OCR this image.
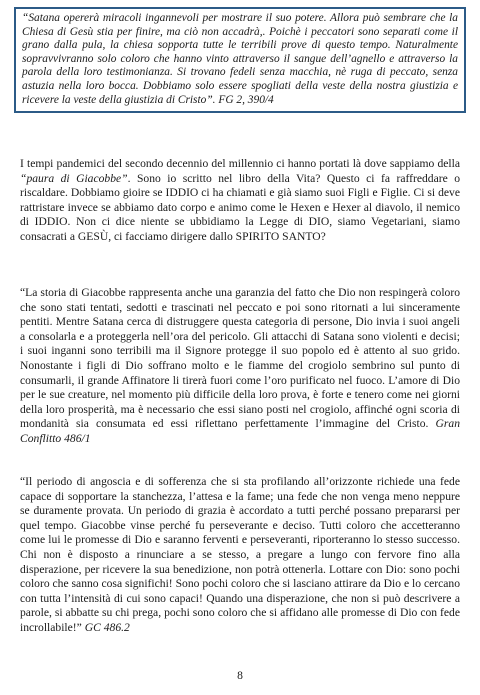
“Satana opererà miracoli ingannevoli per mostrare il suo potere. Allora può sembrare che la Chiesa di Gesù stia per finire, ma ciò non accadrà,. Poichè i peccatori sono separati come il grano dalla pula, la chiesa sopporta tutte le terribili prove di questo tempo. Naturalmente sopravvivranno solo coloro che hanno vinto attraverso il sangue dell’agnello e attraverso la parola della loro testimonianza. Si trovano fedeli senza macchia, nè ruga di peccato, senza astuzia nella loro bocca. Dobbiamo solo essere spogliati della veste della nostra giustizia e ricevere la veste della giustizia di Cristo”. FG 2, 390/4
I tempi pandemici del secondo decennio del millennio ci hanno portati là dove sappiamo della “paura di Giacobbe”. Sono io scritto nel libro della Vita? Questo ci fa raffreddare o riscaldare. Dobbiamo gioire se IDDIO ci ha chiamati e già siamo suoi Figli e Figlie. Ci si deve rattristare invece se abbiamo dato corpo e animo come le Hexen e Hexer al diavolo, il nemico di IDDIO. Non ci dice niente se ubbidiamo la Legge di DIO, siamo Vegetariani, siamo consacrati a GESÙ, ci facciamo dirigere dallo SPIRITO SANTO?
“La storia di Giacobbe rappresenta anche una garanzia del fatto che Dio non respingerà coloro che sono stati tentati, sedotti e trascinati nel peccato e poi sono ritornati a lui sinceramente pentiti. Mentre Satana cerca di distruggere questa categoria di persone, Dio invia i suoi angeli a consolarla e a proteggerla nell’ora del pericolo. Gli attacchi di Satana sono violenti e decisi; i suoi inganni sono terribili ma il Signore protegge il suo popolo ed è attento al suo grido. Nonostante i figli di Dio soffrano molto e le fiamme del crogiolo sembrino sul punto di consumarli, il grande Affinatore li tirerà fuori come l’oro purificato nel fuoco. L’amore di Dio per le sue creature, nel momento più difficile della loro prova, è forte e tenero come nei giorni della loro prosperità, ma è necessario che essi siano posti nel crogiolo, affinché ogni scoria di mondanità sia consumata ed essi riflettano perfettamente l’immagine del Cristo. Gran Conflitto 486/1
“Il periodo di angoscia e di sofferenza che si sta profilando all’orizzonte richiede una fede capace di sopportare la stanchezza, l’attesa e la fame; una fede che non venga meno neppure se duramente provata. Un periodo di grazia è accordato a tutti perché possano prepararsi per quel tempo. Giacobbe vinse perché fu perseverante e deciso. Tutti coloro che accetteranno come lui le promesse di Dio e saranno ferventi e perseveranti, riporteranno lo stesso successo. Chi non è disposto a rinunciare a se stesso, a pregare a lungo con fervore fino alla disperazione, per ricevere la sua benedizione, non potrà ottenerla. Lottare con Dio: sono pochi coloro che sanno cosa significhi! Sono pochi coloro che si lasciano attirare da Dio e lo cercano con tutta l’intensità di cui sono capaci! Quando una disperazione, che non si può descrivere a parole, si abbatte su chi prega, pochi sono coloro che si affidano alle promesse di Dio con fede incrollabile!” GC 486.2
8
